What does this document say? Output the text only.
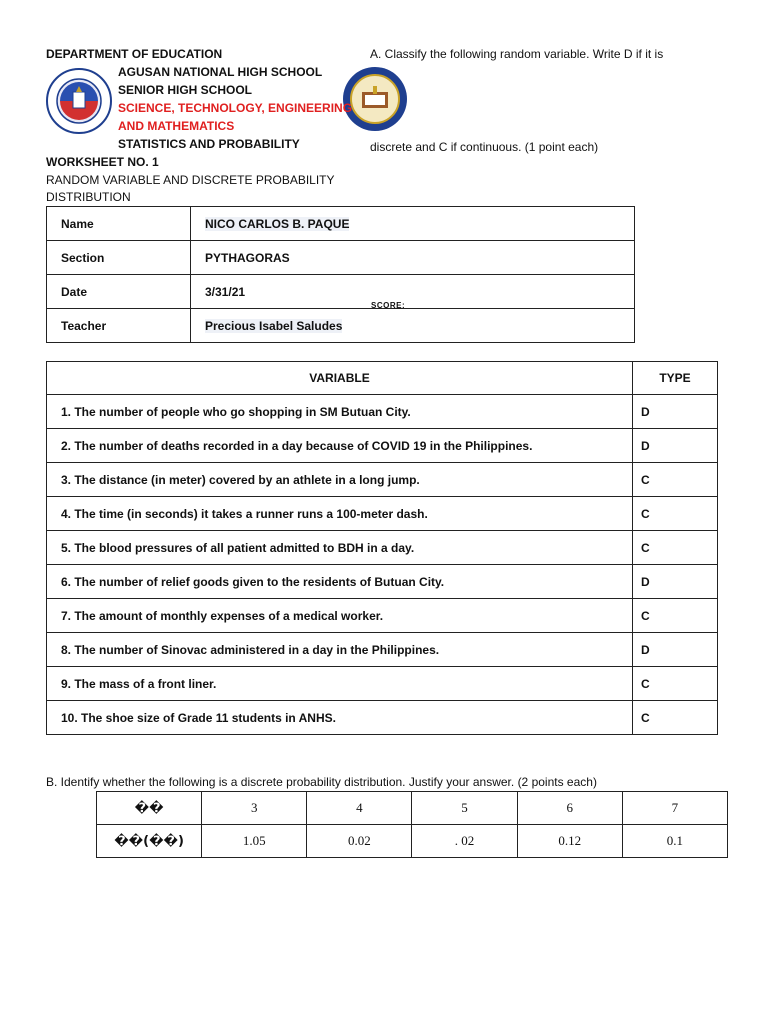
DEPARTMENT OF EDUCATION
AGUSAN NATIONAL HIGH SCHOOL
SENIOR HIGH SCHOOL
SCIENCE, TECHNOLOGY, ENGINEERING
AND MATHEMATICS
STATISTICS AND PROBABILITY
WORKSHEET NO. 1
RANDOM VARIABLE AND DISCRETE PROBABILITY
DISTRIBUTION
A. Classify the following random variable. Write D if it is
discrete and C if continuous. (1 point each)
Name	NICO CARLOS B. PAQUE
Section	PYTHAGORAS
Date	3/31/21
SCORE:

Teacher	Precious Isabel Saludes
VARIABLE	TYPE
1. The number of people who go shopping in SM Butuan City.	D
2. The number of deaths recorded in a day because of COVID 19 in the Philippines.	D
3. The distance (in meter) covered by an athlete in a long jump.	C
4. The time (in seconds) it takes a runner runs a 100-meter dash.	C
5. The blood pressures of all patient admitted to BDH in a day.	C
6. The number of relief goods given to the residents of Butuan City.	D
7. The amount of monthly expenses of a medical worker.	C
8. The number of Sinovac administered in a day in the Philippines.	D
9. The mass of a front liner.	C
10. The shoe size of Grade 11 students in ANHS.	C
B. Identify whether the following is a discrete probability distribution. Justify your answer. (2 points each)
��	3	4	5	6	7
��(��)	1.05	0.02	. 02	0.12	0.1
